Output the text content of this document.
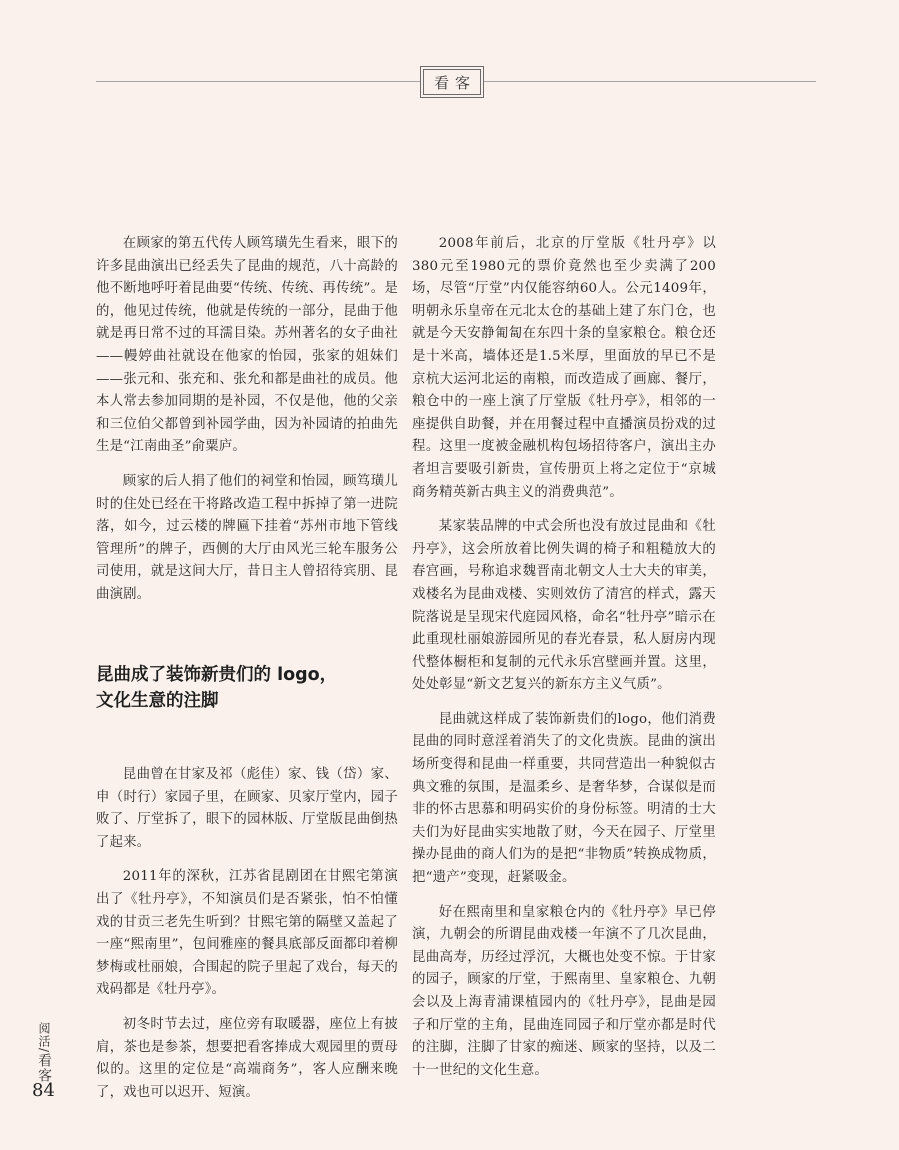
看客

在顾家的第五代传人顾笃璜先生看来，眼下的许多昆曲演出已经丢失了昆曲的规范，八十高龄的他不断地呼吁着昆曲要“传统、传统、再传统”。是的，他见过传统，他就是传统的一部分，昆曲于他就是再日常不过的耳濡目染。苏州著名的女子曲社——幔婷曲社就设在他家的怡园，张家的姐妹们——张元和、张充和、张允和都是曲社的成员。他本人常去参加同期的是补园，不仅是他，他的父亲和三位伯父都曾到补园学曲，因为补园请的拍曲先生是“江南曲圣”俞粟庐。

顾家的后人捐了他们的祠堂和怡园，顾笃璜儿时的住处已经在干将路改造工程中拆掉了第一进院落，如今，过云楼的牌匾下挂着“苏州市地下管线管理所”的牌子，西侧的大厅由风光三轮车服务公司使用，就是这间大厅，昔日主人曾招待宾朋、昆曲演剧。

昆曲成了装饰新贵们的 logo，
文化生意的注脚

昆曲曾在甘家及祁（彪佳）家、钱（岱）家、申（时行）家园子里，在顾家、贝家厅堂内，园子败了、厅堂拆了，眼下的园林版、厅堂版昆曲倒热了起来。

2011年的深秋，江苏省昆剧团在甘熙宅第演出了《牡丹亭》，不知演员们是否紧张，怕不怕懂戏的甘贡三老先生听到？甘熙宅第的隔壁又盖起了一座“熙南里”，包间雅座的餐具底部反面都印着柳梦梅或杜丽娘，合围起的院子里起了戏台，每天的戏码都是《牡丹亭》。

初冬时节去过，座位旁有取暖器，座位上有披肩，茶也是参茶，想要把看客捧成大观园里的贾母似的。这里的定位是“高端商务”，客人应酬来晚了，戏也可以迟开、短演。

2008年前后，北京的厅堂版《牡丹亭》以380元至1980元的票价竟然也至少卖满了200场，尽管“厅堂”内仅能容纳60人。公元1409年，明朝永乐皇帝在元北太仓的基础上建了东门仓，也就是今天安静匍匐在东四十条的皇家粮仓。粮仓还是十米高，墙体还是1.5米厚，里面放的早已不是京杭大运河北运的南粮，而改造成了画廊、餐厅，粮仓中的一座上演了厅堂版《牡丹亭》，相邻的一座提供自助餐，并在用餐过程中直播演员扮戏的过程。这里一度被金融机构包场招待客户，演出主办者坦言要吸引新贵，宣传册页上将之定位于“京城商务精英新古典主义的消费典范”。

某家装品牌的中式会所也没有放过昆曲和《牡丹亭》，这会所放着比例失调的椅子和粗糙放大的春宫画，号称追求魏晋南北朝文人士大夫的审美，戏楼名为昆曲戏楼、实则效仿了清宫的样式，露天院落说是呈现宋代庭园风格，命名“牡丹亭”暗示在此重现杜丽娘游园所见的春光春景，私人厨房内现代整体橱柜和复制的元代永乐宫壁画并置。这里，处处彰显“新文艺复兴的新东方主义气质”。

昆曲就这样成了装饰新贵们的logo，他们消费昆曲的同时意淫着消失了的文化贵族。昆曲的演出场所变得和昆曲一样重要，共同营造出一种貌似古典文雅的氛围，是温柔乡、是奢华梦，合谋似是而非的怀古思慕和明码实价的身份标签。明清的士大夫们为好昆曲实实地散了财，今天在园子、厅堂里操办昆曲的商人们为的是把“非物质”转换成物质，把“遗产”变现，赶紧吸金。

好在熙南里和皇家粮仓内的《牡丹亭》早已停演，九朝会的所谓昆曲戏楼一年演不了几次昆曲，昆曲高寿，历经过浮沉，大概也处变不惊。于甘家的园子，顾家的厅堂，于熙南里、皇家粮仓、九朝会以及上海青浦课植园内的《牡丹亭》，昆曲是园子和厅堂的主角，昆曲连同园子和厅堂亦都是时代的注脚，注脚了甘家的痴迷、顾家的坚持，以及二十一世纪的文化生意。

阅活/看客
84
